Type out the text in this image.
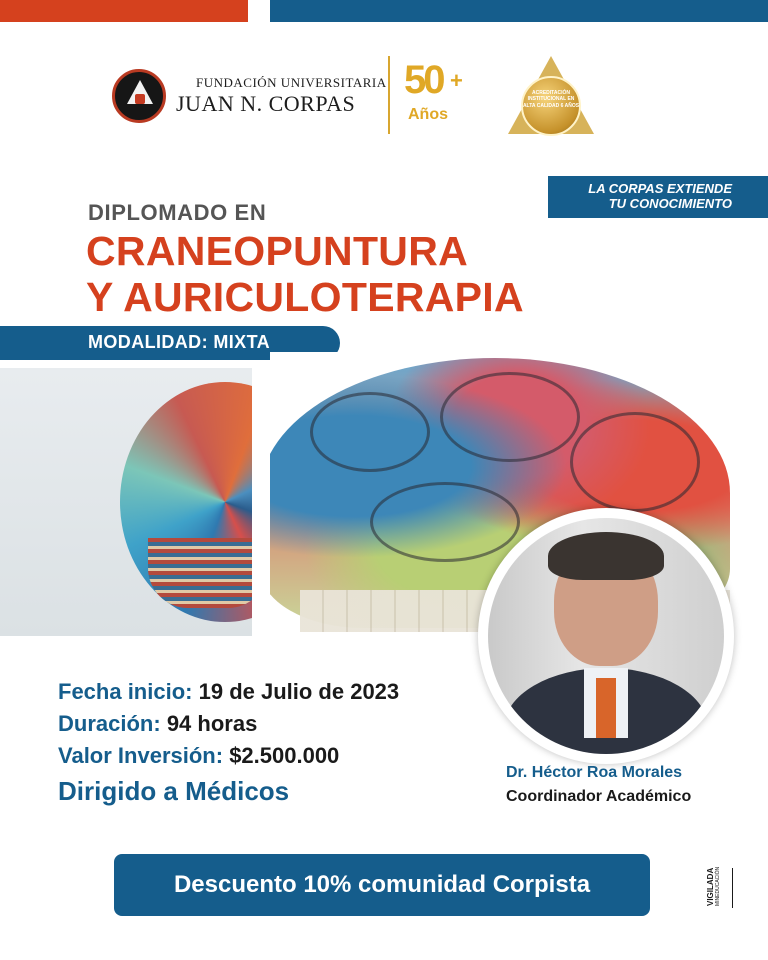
FUNDACIÓN UNIVERSITARIA
JUAN N. CORPAS
50 +
Años
ACREDITACIÓN INSTITUCIONAL EN ALTA CALIDAD 6 AÑOS
LA CORPAS EXTIENDE
TU CONOCIMIENTO
DIPLOMADO EN
CRANEOPUNTURA
Y AURICULOTERAPIA
MODALIDAD: MIXTA
Fecha inicio: 19 de Julio de 2023
Duración: 94 horas
Valor Inversión: $2.500.000
Dirigido a Médicos
Dr. Héctor Roa Morales
Coordinador Académico
Descuento 10% comunidad Corpista	VIGILADA MINEDUCACIÓN
